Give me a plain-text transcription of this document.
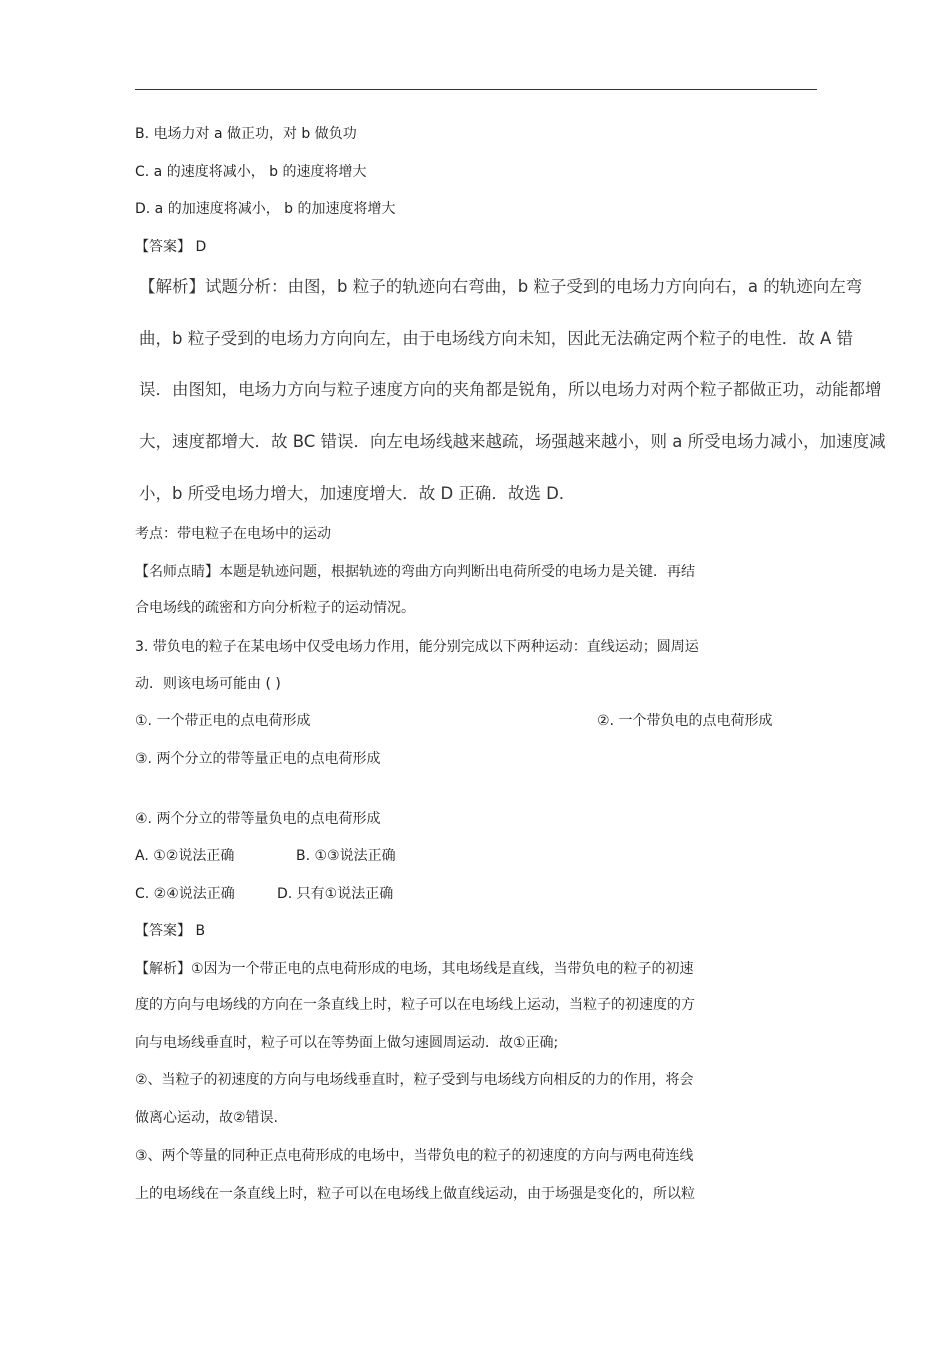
B. 电场力对 a 做正功，对 b 做负功
C. a 的速度将减小， b 的速度将增大
D. a 的加速度将减小， b 的加速度将增大
【答案】 D
【解析】试题分析：由图，b 粒子的轨迹向右弯曲，b 粒子受到的电场力方向向右，a 的轨迹向左弯
曲，b 粒子受到的电场力方向向左，由于电场线方向未知，因此无法确定两个粒子的电性．故 A 错
误．由图知，电场力方向与粒子速度方向的夹角都是锐角，所以电场力对两个粒子都做正功，动能都增
大，速度都增大．故 BC 错误．向左电场线越来越疏，场强越来越小，则 a 所受电场力减小，加速度减
小，b 所受电场力增大，加速度增大．故 D 正确．故选 D．
考点：带电粒子在电场中的运动
【名师点睛】本题是轨迹问题，根据轨迹的弯曲方向判断出电荷所受的电场力是关键．再结
合电场线的疏密和方向分析粒子的运动情况。
3. 带负电的粒子在某电场中仅受电场力作用，能分别完成以下两种运动：直线运动；圆周运
动．则该电场可能由 ( )
①. 一个带正电的点电荷形成	②. 一个带负电的点电荷形成
③. 两个分立的带等量正电的点电荷形成
④. 两个分立的带等量负电的点电荷形成
A. ①②说法正确	B. ①③说法正确
C. ②④说法正确	D. 只有①说法正确
【答案】 B
【解析】①因为一个带正电的点电荷形成的电场，其电场线是直线，当带负电的粒子的初速
度的方向与电场线的方向在一条直线上时，粒子可以在电场线上运动，当粒子的初速度的方
向与电场线垂直时，粒子可以在等势面上做匀速圆周运动．故①正确;
②、当粒子的初速度的方向与电场线垂直时，粒子受到与电场线方向相反的力的作用，将会
做离心运动，故②错误.
③、两个等量的同种正点电荷形成的电场中，当带负电的粒子的初速度的方向与两电荷连线
上的电场线在一条直线上时，粒子可以在电场线上做直线运动，由于场强是变化的，所以粒
